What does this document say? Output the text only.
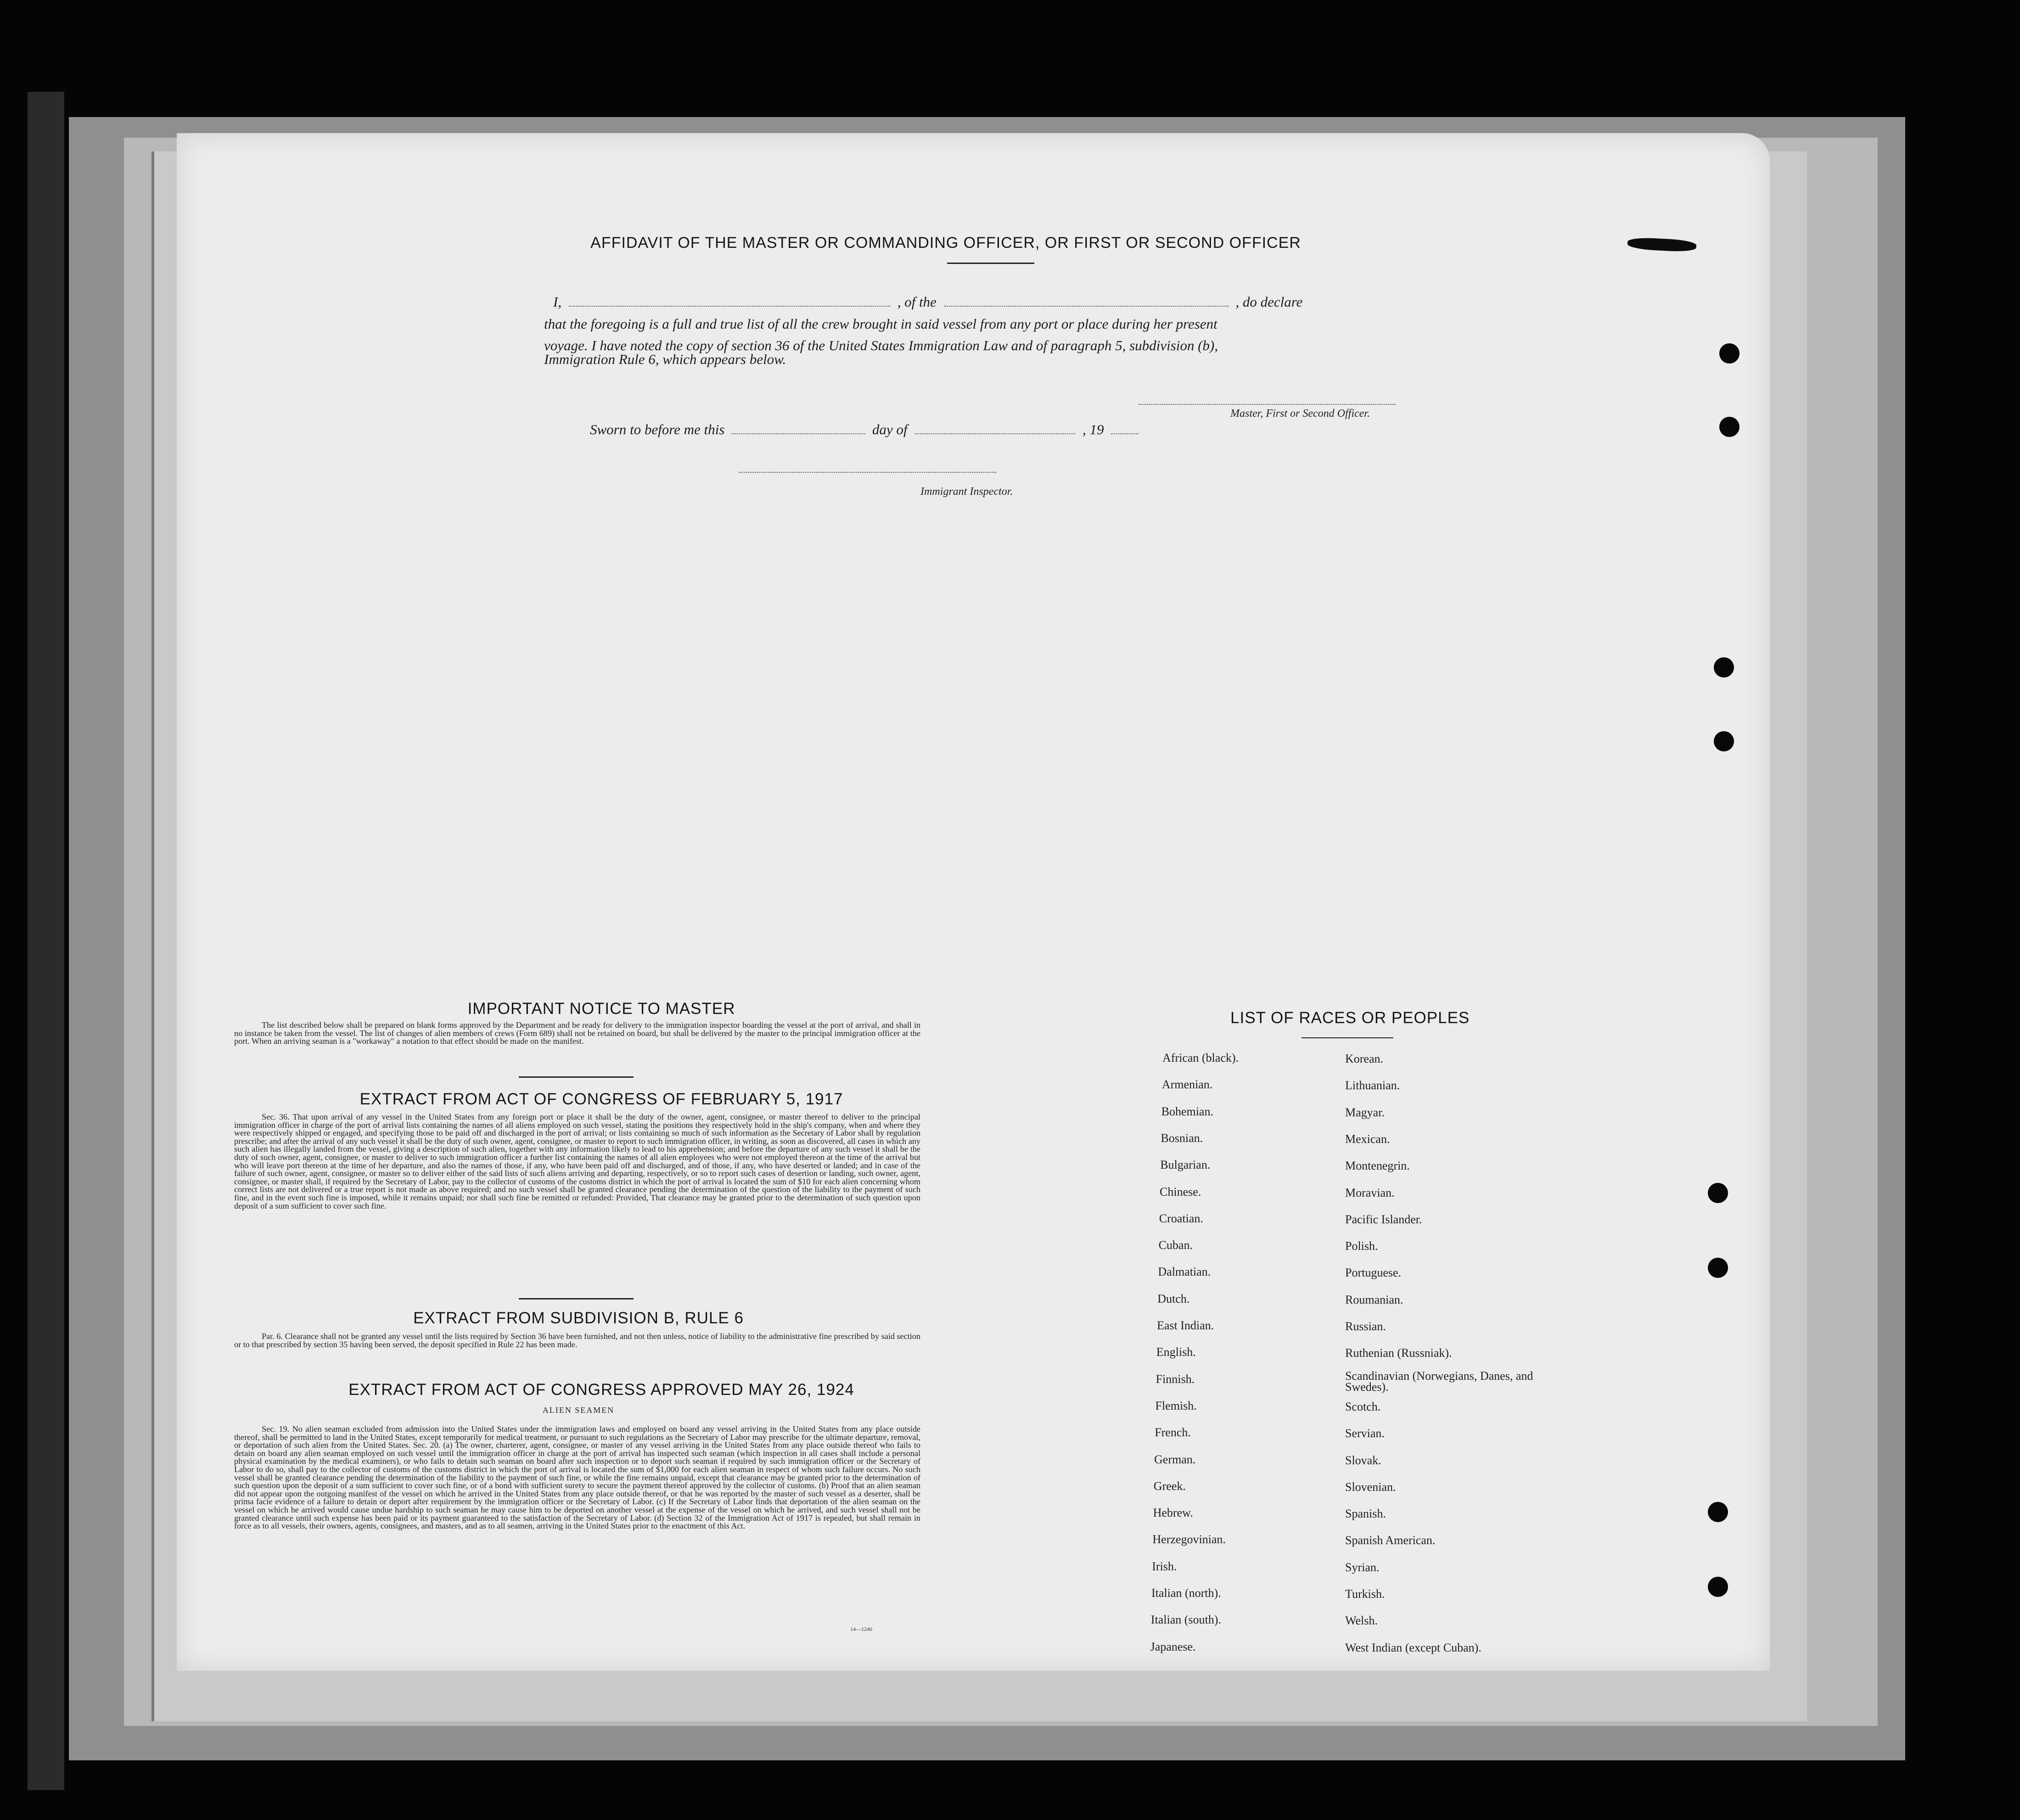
AFFIDAVIT OF THE MASTER OR COMMANDING OFFICER, OR FIRST OR SECOND OFFICER
I,	, of the	, do declare
that the foregoing is a full and true list of all the crew brought in said vessel from any port or place during her present
voyage. I have noted the copy of section 36 of the United States Immigration Law and of paragraph 5, subdivision (b),
Immigration Rule 6, which appears below.
Master, First or Second Officer.
Sworn to before me this	day of	, 19
Immigrant Inspector.
IMPORTANT NOTICE TO MASTER
The list described below shall be prepared on blank forms approved by the Department and be ready for delivery to the immigration inspector boarding the vessel at the port of arrival, and shall in no instance be taken from the vessel. The list of changes of alien members of crews (Form 689) shall not be retained on board, but shall be delivered by the master to the principal immigration officer at the port. When an arriving seaman is a "workaway" a notation to that effect should be made on the manifest.
EXTRACT FROM ACT OF CONGRESS OF FEBRUARY 5, 1917
Sec. 36. That upon arrival of any vessel in the United States from any foreign port or place it shall be the duty of the owner, agent, consignee, or master thereof to deliver to the principal immigration officer in charge of the port of arrival lists containing the names of all aliens employed on such vessel, stating the positions they respectively hold in the ship's company, when and where they were respectively shipped or engaged, and specifying those to be paid off and discharged in the port of arrival; or lists containing so much of such information as the Secretary of Labor shall by regulation prescribe; and after the arrival of any such vessel it shall be the duty of such owner, agent, consignee, or master to report to such immigration officer, in writing, as soon as discovered, all cases in which any such alien has illegally landed from the vessel, giving a description of such alien, together with any information likely to lead to his apprehension; and before the departure of any such vessel it shall be the duty of such owner, agent, consignee, or master to deliver to such immigration officer a further list containing the names of all alien employees who were not employed thereon at the time of the arrival but who will leave port thereon at the time of her departure, and also the names of those, if any, who have been paid off and discharged, and of those, if any, who have deserted or landed; and in case of the failure of such owner, agent, consignee, or master so to deliver either of the said lists of such aliens arriving and departing, respectively, or so to report such cases of desertion or landing, such owner, agent, consignee, or master shall, if required by the Secretary of Labor, pay to the collector of customs of the customs district in which the port of arrival is located the sum of $10 for each alien concerning whom correct lists are not delivered or a true report is not made as above required; and no such vessel shall be granted clearance pending the determination of the question of the liability to the payment of such fine, and in the event such fine is imposed, while it remains unpaid; nor shall such fine be remitted or refunded: Provided, That clearance may be granted prior to the determination of such question upon deposit of a sum sufficient to cover such fine.
EXTRACT FROM SUBDIVISION B, RULE 6
Par. 6. Clearance shall not be granted any vessel until the lists required by Section 36 have been furnished, and not then unless, notice of liability to the administrative fine prescribed by said section or to that prescribed by section 35 having been served, the deposit specified in Rule 22 has been made.
EXTRACT FROM ACT OF CONGRESS APPROVED MAY 26, 1924
ALIEN SEAMEN
Sec. 19. No alien seaman excluded from admission into the United States under the immigration laws and employed on board any vessel arriving in the United States from any place outside thereof, shall be permitted to land in the United States, except temporarily for medical treatment, or pursuant to such regulations as the Secretary of Labor may prescribe for the ultimate departure, removal, or deportation of such alien from the United States. Sec. 20. (a) The owner, charterer, agent, consignee, or master of any vessel arriving in the United States from any place outside thereof who fails to detain on board any alien seaman employed on such vessel until the immigration officer in charge at the port of arrival has inspected such seaman (which inspection in all cases shall include a personal physical examination by the medical examiners), or who fails to detain such seaman on board after such inspection or to deport such seaman if required by such immigration officer or the Secretary of Labor to do so, shall pay to the collector of customs of the customs district in which the port of arrival is located the sum of $1,000 for each alien seaman in respect of whom such failure occurs. No such vessel shall be granted clearance pending the determination of the liability to the payment of such fine, or while the fine remains unpaid, except that clearance may be granted prior to the determination of such question upon the deposit of a sum sufficient to cover such fine, or of a bond with sufficient surety to secure the payment thereof approved by the collector of customs. (b) Proof that an alien seaman did not appear upon the outgoing manifest of the vessel on which he arrived in the United States from any place outside thereof, or that he was reported by the master of such vessel as a deserter, shall be prima facie evidence of a failure to detain or deport after requirement by the immigration officer or the Secretary of Labor. (c) If the Secretary of Labor finds that deportation of the alien seaman on the vessel on which he arrived would cause undue hardship to such seaman he may cause him to be deported on another vessel at the expense of the vessel on which he arrived, and such vessel shall not be granted clearance until such expense has been paid or its payment guaranteed to the satisfaction of the Secretary of Labor. (d) Section 32 of the Immigration Act of 1917 is repealed, but shall remain in force as to all vessels, their owners, agents, consignees, and masters, and as to all seamen, arriving in the United States prior to the enactment of this Act.
14—1240
LIST OF RACES OR PEOPLES
African (black).
Armenian.
Bohemian.
Bosnian.
Bulgarian.
Chinese.
Croatian.
Cuban.
Dalmatian.
Dutch.
East Indian.
English.
Finnish.
Flemish.
French.
German.
Greek.
Hebrew.
Herzegovinian.
Irish.
Italian (north).
Italian (south).
Japanese.
Korean.
Lithuanian.
Magyar.
Mexican.
Montenegrin.
Moravian.
Pacific Islander.
Polish.
Portuguese.
Roumanian.
Russian.
Ruthenian (Russniak).
Scandinavian (Norwegians, Danes, and Swedes).
Scotch.
Servian.
Slovak.
Slovenian.
Spanish.
Spanish American.
Syrian.
Turkish.
Welsh.
West Indian (except Cuban).
